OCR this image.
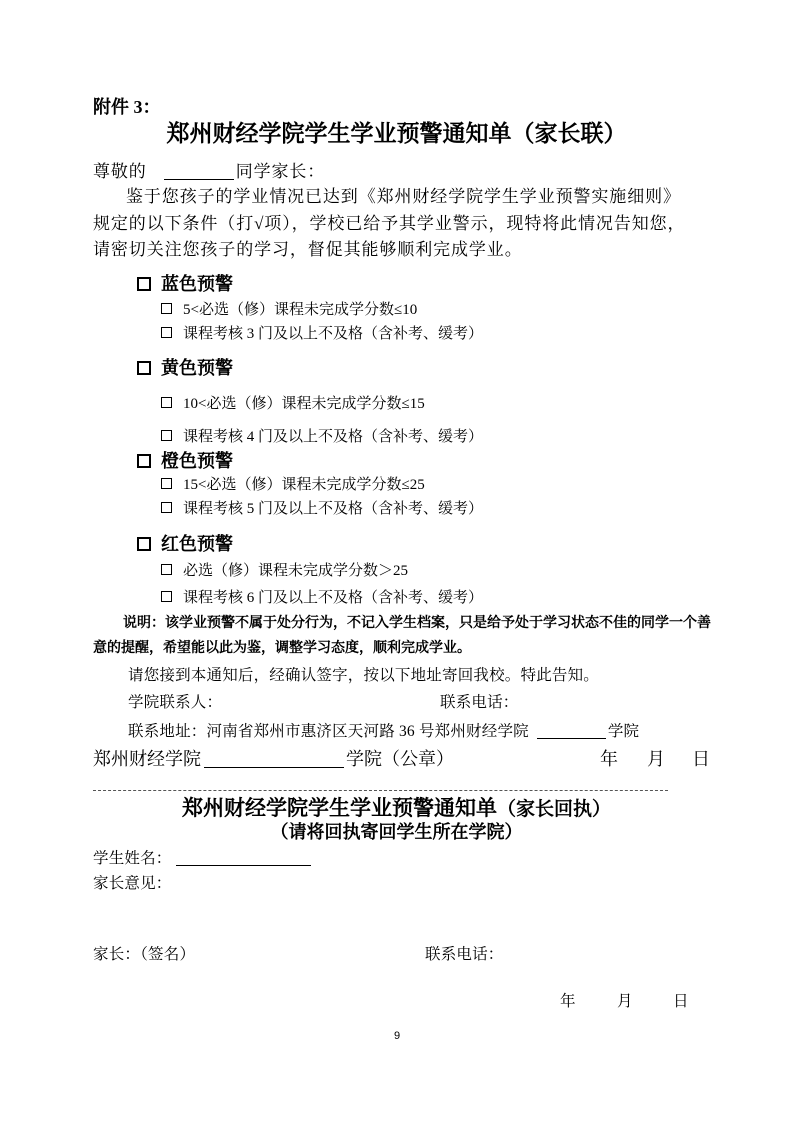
附件 3：
郑州财经学院学生学业预警通知单（家长联）
尊敬的	同学家长：
鉴于您孩子的学业情况已达到《郑州财经学院学生学业预警实施细则》
规定的以下条件（打√项），学校已给予其学业警示，现特将此情况告知您，
请密切关注您孩子的学习，督促其能够顺利完成学业。
蓝色预警
5<必选（修）课程未完成学分数≤10
课程考核 3 门及以上不及格（含补考、缓考）
黄色预警
10<必选（修）课程未完成学分数≤15
课程考核 4 门及以上不及格（含补考、缓考）
橙色预警
15<必选（修）课程未完成学分数≤25
课程考核 5 门及以上不及格（含补考、缓考）
红色预警
必选（修）课程未完成学分数＞25
课程考核 6 门及以上不及格（含补考、缓考）
说明：该学业预警不属于处分行为，不记入学生档案，只是给予处于学习状态不佳的同学一个善
意的提醒，希望能以此为鉴，调整学习态度，顺利完成学业。
请您接到本通知后，经确认签字，按以下地址寄回我校。特此告知。
学院联系人：	联系电话：
联系地址：河南省郑州市惠济区天河路 36 号郑州财经学院	学院
郑州财经学院	学院（公章）	年 月 日
郑州财经学院学生学业预警通知单（家长回执）
（请将回执寄回学生所在学院）
学生姓名：
家长意见：
家长：（签名）	联系电话：
年	月	日
9
